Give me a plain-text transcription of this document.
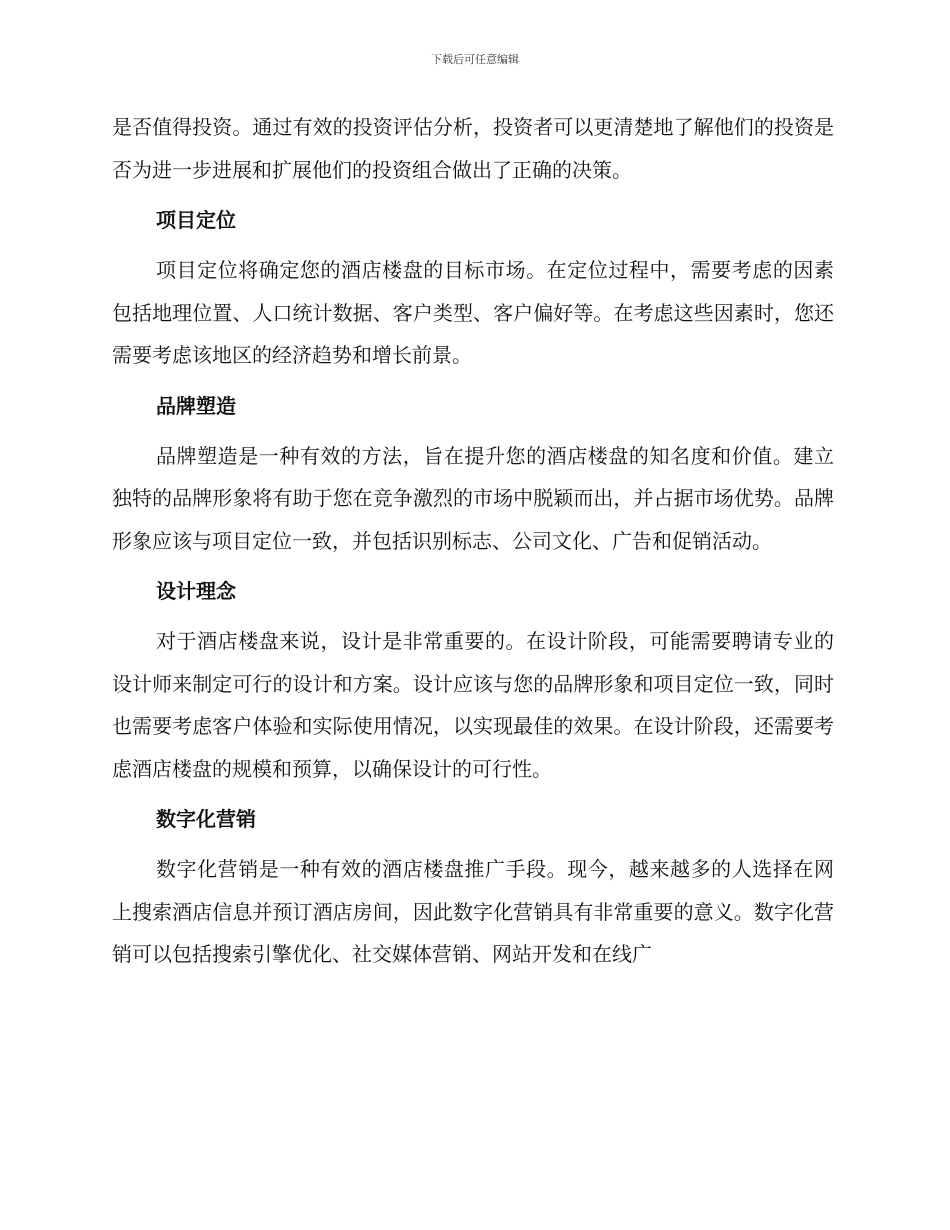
下载后可任意编辑

是否值得投资。通过有效的投资评估分析，投资者可以更清楚地了解他们的投资是否为进一步进展和扩展他们的投资组合做出了正确的决策。

项目定位

项目定位将确定您的酒店楼盘的目标市场。在定位过程中，需要考虑的因素包括地理位置、人口统计数据、客户类型、客户偏好等。在考虑这些因素时，您还需要考虑该地区的经济趋势和增长前景。

品牌塑造

品牌塑造是一种有效的方法，旨在提升您的酒店楼盘的知名度和价值。建立独特的品牌形象将有助于您在竞争激烈的市场中脱颖而出，并占据市场优势。品牌形象应该与项目定位一致，并包括识别标志、公司文化、广告和促销活动。

设计理念

对于酒店楼盘来说，设计是非常重要的。在设计阶段，可能需要聘请专业的设计师来制定可行的设计和方案。设计应该与您的品牌形象和项目定位一致，同时也需要考虑客户体验和实际使用情况，以实现最佳的效果。在设计阶段，还需要考虑酒店楼盘的规模和预算，以确保设计的可行性。

数字化营销

数字化营销是一种有效的酒店楼盘推广手段。现今，越来越多的人选择在网上搜索酒店信息并预订酒店房间，因此数字化营销具有非常重要的意义。数字化营销可以包括搜索引擎优化、社交媒体营销、网站开发和在线广
